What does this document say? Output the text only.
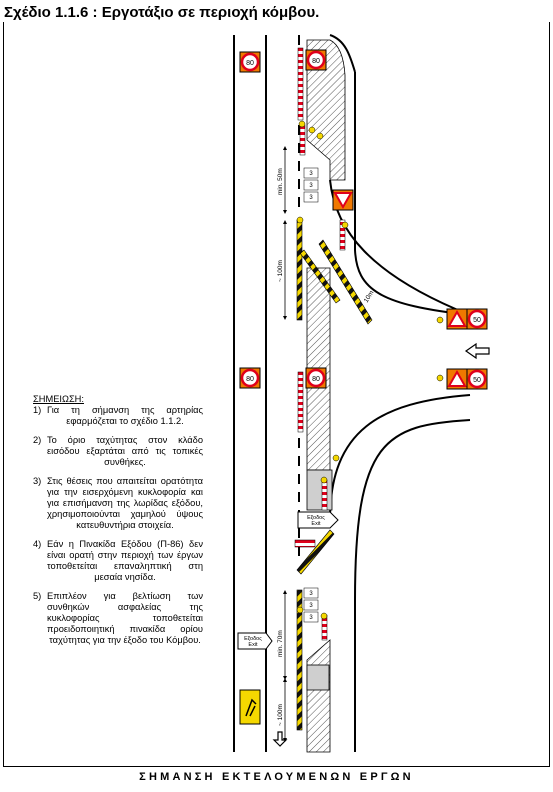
Σχέδιο 1.1.6 : Εργοτάξιο σε περιοχή κόμβου.
80	80
80	80
50
50
3
3
3
3
3
3
Εξοδος
Exit
Εξοδος
Exit
min. 50m
~ 100m
10m
min. 70m
~ 100m
ΣΗΜΕΙΩΣΗ:
1) Για τη σήμανση της αρτηρίας εφαρμόζεται το σχέδιο 1.1.2.
2) Το όριο ταχύτητας στον κλάδο εισόδου εξαρτάται από τις τοπικές συνθήκες.
3) Στις θέσεις που απαιτείται ορατότητα για την εισερχόμενη κυκλοφορία και για επισήμανση της λωρίδας εξόδου, χρησιμοποιούνται χαμηλού ύψους κατευθυντήρια στοιχεία.
4) Εάν η Πινακίδα Εξόδου (Π-86) δεν είναι ορατή στην περιοχή των έργων τοποθετείται επαναληπτική στη μεσαία νησίδα.
5) Επιπλέον για βελτίωση των συνθηκών ασφαλείας της κυκλοφορίας τοποθετείται προειδοποιητική πινακίδα ορίου ταχύτητας για την έξοδο του Κόμβου.

ΣΗΜΑΝΣΗ ΕΚΤΕΛΟΥΜΕΝΩΝ ΕΡΓΩΝ
